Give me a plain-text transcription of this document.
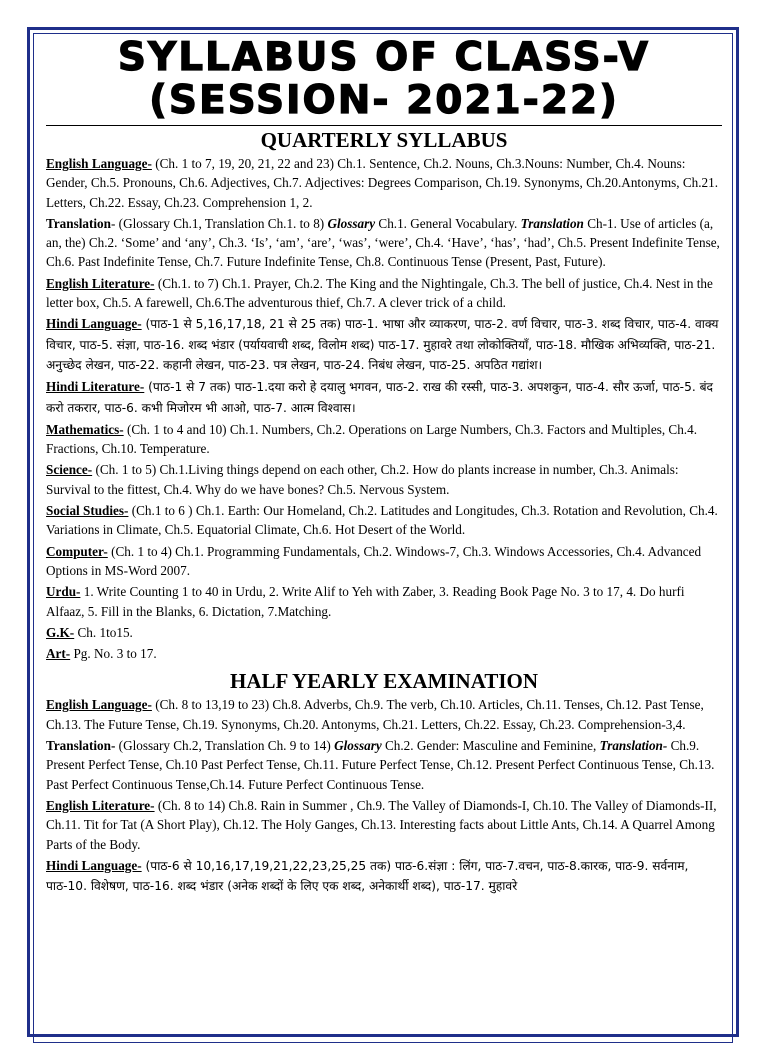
SYLLABUS OF CLASS-V
(SESSION- 2021-22)
QUARTERLY SYLLABUS

English Language- (Ch. 1 to 7, 19, 20, 21, 22 and 23) Ch.1. Sentence, Ch.2. Nouns, Ch.3.Nouns: Number, Ch.4. Nouns: Gender, Ch.5. Pronouns, Ch.6. Adjectives, Ch.7. Adjectives: Degrees Comparison, Ch.19. Synonyms, Ch.20.Antonyms, Ch.21. Letters, Ch.22. Essay, Ch.23. Comprehension 1, 2.

Translation- (Glossary Ch.1, Translation Ch.1. to 8) Glossary Ch.1. General Vocabulary. Translation Ch-1. Use of articles (a, an, the) Ch.2. ‘Some’ and ‘any’, Ch.3. ‘Is’, ‘am’, ‘are’, ‘was’, ‘were’, Ch.4. ‘Have’, ‘has’, ‘had’, Ch.5. Present Indefinite Tense, Ch.6. Past Indefinite Tense, Ch.7. Future Indefinite Tense, Ch.8. Continuous Tense (Present, Past, Future).

English Literature- (Ch.1. to 7) Ch.1. Prayer, Ch.2. The King and the Nightingale, Ch.3. The bell of justice, Ch.4. Nest in the letter box, Ch.5. A farewell, Ch.6.The adventurous thief, Ch.7. A clever trick of a child.

Hindi Language- (पाठ-1 से 5,16,17,18, 21 से 25 तक) पाठ-1. भाषा और व्याकरण, पाठ-2. वर्ण विचार, पाठ-3. शब्द विचार, पाठ-4. वाक्य विचार, पाठ-5. संज्ञा, पाठ-16. शब्द भंडार (पर्यायवाची शब्द, विलोम शब्द) पाठ-17. मुहावरे तथा लोकोक्तियाँ, पाठ-18. मौखिक अभिव्यक्ति, पाठ-21. अनुच्छेद लेखन, पाठ-22. कहानी लेखन, पाठ-23. पत्र लेखन, पाठ-24. निबंध लेखन, पाठ-25. अपठित गद्यांश।

Hindi Literature- (पाठ-1 से 7 तक) पाठ-1.दया करो हे दयालु भगवन, पाठ-2. राख की रस्सी, पाठ-3. अपशकुन, पाठ-4. सौर ऊर्जा, पाठ-5. बंद करो तकरार, पाठ-6. कभी मिजोरम भी आओ, पाठ-7. आत्म विश्वास।

Mathematics- (Ch. 1 to 4 and 10) Ch.1. Numbers, Ch.2. Operations on Large Numbers, Ch.3. Factors and Multiples, Ch.4. Fractions, Ch.10. Temperature.

Science- (Ch. 1 to 5) Ch.1.Living things depend on each other, Ch.2. How do plants increase in number, Ch.3. Animals: Survival to the fittest, Ch.4. Why do we have bones? Ch.5. Nervous System.

Social Studies- (Ch.1 to 6 ) Ch.1. Earth: Our Homeland, Ch.2. Latitudes and Longitudes, Ch.3. Rotation and Revolution, Ch.4. Variations in Climate, Ch.5. Equatorial Climate, Ch.6. Hot Desert of the World.

Computer- (Ch. 1 to 4) Ch.1. Programming Fundamentals, Ch.2. Windows-7, Ch.3. Windows Accessories, Ch.4. Advanced Options in MS-Word 2007.

Urdu- 1. Write Counting 1 to 40 in Urdu, 2. Write Alif to Yeh with Zaber, 3. Reading Book Page No. 3 to 17, 4. Do hurfi Alfaaz, 5. Fill in the Blanks, 6. Dictation, 7.Matching.

G.K- Ch. 1to15.

Art- Pg. No. 3 to 17.

HALF YEARLY EXAMINATION

English Language- (Ch. 8 to 13,19 to 23) Ch.8. Adverbs, Ch.9. The verb, Ch.10. Articles, Ch.11. Tenses, Ch.12. Past Tense, Ch.13. The Future Tense, Ch.19. Synonyms, Ch.20. Antonyms, Ch.21. Letters, Ch.22. Essay, Ch.23. Comprehension-3,4.

Translation- (Glossary Ch.2, Translation Ch. 9 to 14) Glossary Ch.2. Gender: Masculine and Feminine, Translation- Ch.9. Present Perfect Tense, Ch.10 Past Perfect Tense, Ch.11. Future Perfect Tense, Ch.12. Present Perfect Continuous Tense, Ch.13. Past Perfect Continuous Tense,Ch.14. Future Perfect Continuous Tense.

English Literature- (Ch. 8 to 14) Ch.8. Rain in Summer , Ch.9. The Valley of Diamonds-I, Ch.10. The Valley of Diamonds-II, Ch.11. Tit for Tat (A Short Play), Ch.12. The Holy Ganges, Ch.13. Interesting facts about Little Ants, Ch.14. A Quarrel Among Parts of the Body.

Hindi Language- (पाठ-6 से 10,16,17,19,21,22,23,25,25 तक) पाठ-6.संज्ञा : लिंग, पाठ-7.वचन, पाठ-8.कारक, पाठ-9. सर्वनाम, पाठ-10. विशेषण, पाठ-16. शब्द भंडार (अनेक शब्दों के लिए एक शब्द, अनेकार्थी शब्द), पाठ-17. मुहावरे
